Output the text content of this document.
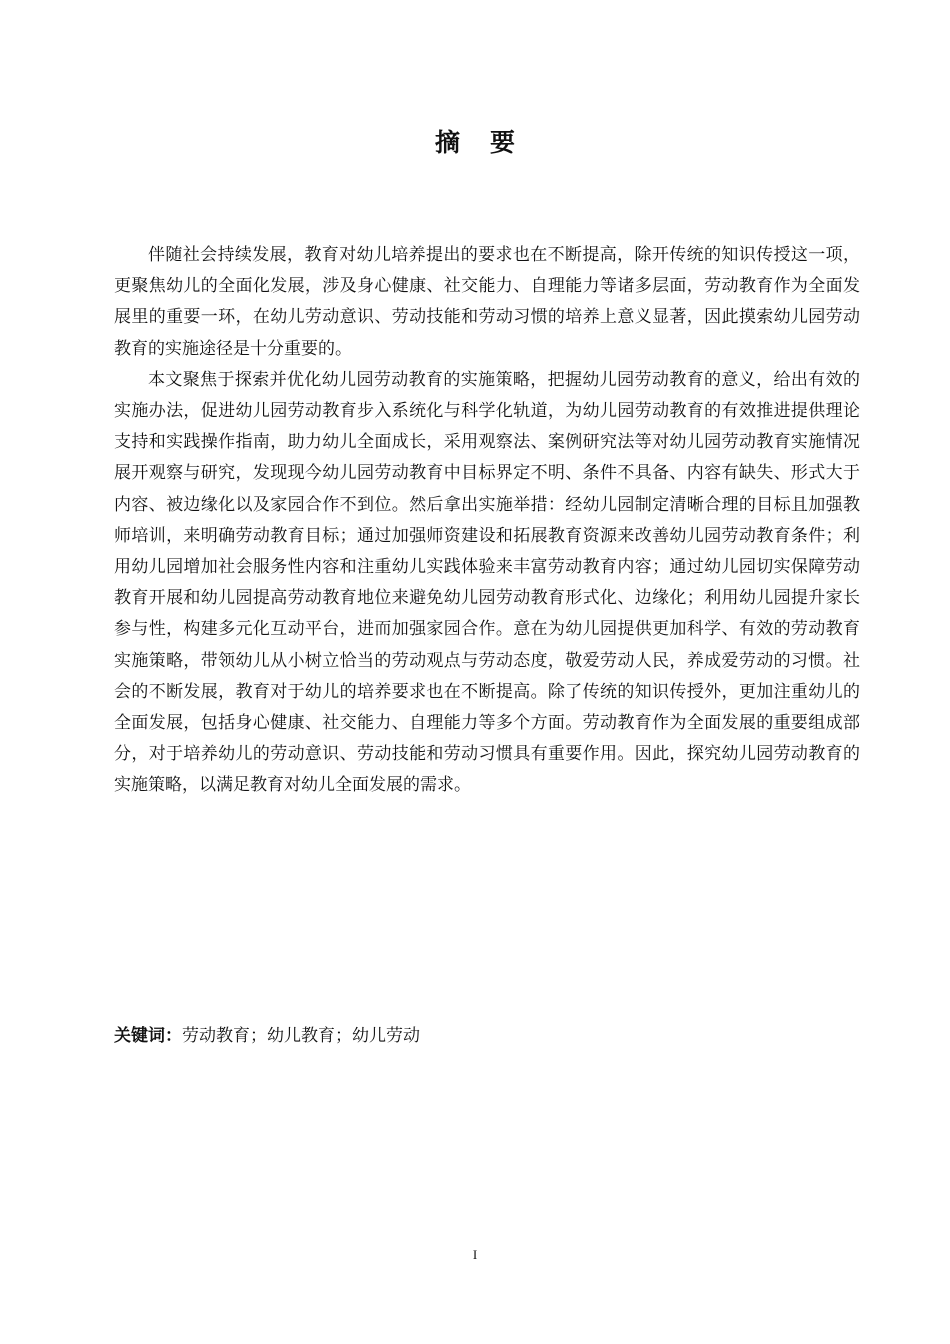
摘 要

伴随社会持续发展，教育对幼儿培养提出的要求也在不断提高，除开传统的知识传授这一项，更聚焦幼儿的全面化发展，涉及身心健康、社交能力、自理能力等诸多层面，劳动教育作为全面发展里的重要一环，在幼儿劳动意识、劳动技能和劳动习惯的培养上意义显著，因此摸索幼儿园劳动教育的实施途径是十分重要的。

本文聚焦于探索并优化幼儿园劳动教育的实施策略，把握幼儿园劳动教育的意义，给出有效的实施办法，促进幼儿园劳动教育步入系统化与科学化轨道，为幼儿园劳动教育的有效推进提供理论支持和实践操作指南，助力幼儿全面成长，采用观察法、案例研究法等对幼儿园劳动教育实施情况展开观察与研究，发现现今幼儿园劳动教育中目标界定不明、条件不具备、内容有缺失、形式大于内容、被边缘化以及家园合作不到位。然后拿出实施举措：经幼儿园制定清晰合理的目标且加强教师培训，来明确劳动教育目标；通过加强师资建设和拓展教育资源来改善幼儿园劳动教育条件；利用幼儿园增加社会服务性内容和注重幼儿实践体验来丰富劳动教育内容；通过幼儿园切实保障劳动教育开展和幼儿园提高劳动教育地位来避免幼儿园劳动教育形式化、边缘化；利用幼儿园提升家长参与性，构建多元化互动平台，进而加强家园合作。意在为幼儿园提供更加科学、有效的劳动教育实施策略，带领幼儿从小树立恰当的劳动观点与劳动态度，敬爱劳动人民，养成爱劳动的习惯。社会的不断发展，教育对于幼儿的培养要求也在不断提高。除了传统的知识传授外，更加注重幼儿的全面发展，包括身心健康、社交能力、自理能力等多个方面。劳动教育作为全面发展的重要组成部分，对于培养幼儿的劳动意识、劳动技能和劳动习惯具有重要作用。因此，探究幼儿园劳动教育的实施策略，以满足教育对幼儿全面发展的需求。

关键词：劳动教育；幼儿教育；幼儿劳动
I
